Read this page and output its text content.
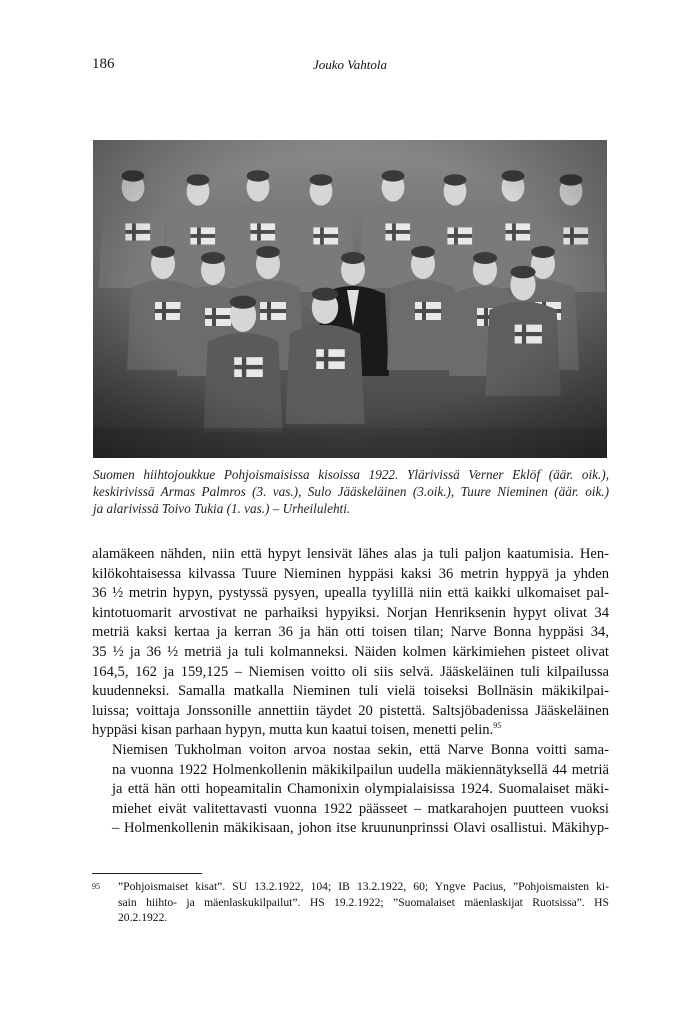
186	Jouko Vahtola
Suomen hiihtojoukkue Pohjoismaisissa kisoissa 1922. Ylärivissä Verner Eklöf (äär. oik.),
keskirivissä Armas Palmros (3. vas.), Sulo Jääskeläinen (3.oik.), Tuure Nieminen (äär. oik.)
ja alarivissä Toivo Tukia (1. vas.) – Urheilulehti.

alamäkeen nähden, niin että hypyt lensivät lähes alas ja tuli paljon kaatumisia. Hen-
kilökohtaisessa kilvassa Tuure Nieminen hyppäsi kaksi 36 metrin hyppyä ja yhden
36 ½ metrin hypyn, pystyssä pysyen, upealla tyylillä niin että kaikki ulkomaiset pal-
kintotuomarit arvostivat ne parhaiksi hypyiksi. Norjan Henriksenin hypyt olivat 34
metriä kaksi kertaa ja kerran 36 ja hän otti toisen tilan; Narve Bonna hyppäsi 34,
35 ½ ja 36 ½ metriä ja tuli kolmanneksi. Näiden kolmen kärkimiehen pisteet olivat
164,5, 162 ja 159,125 – Niemisen voitto oli siis selvä. Jääskeläinen tuli kilpailussa
kuudenneksi. Samalla matkalla Nieminen tuli vielä toiseksi Bollnäsin mäkikilpai-
luissa; voittaja Jonssonille annettiin täydet 20 pistettä. Saltsjöbadenissa Jääskeläinen
hyppäsi kisan parhaan hypyn, mutta kun kaatui toisen, menetti pelin.$^{95}$

Niemisen Tukholman voiton arvoa nostaa sekin, että Narve Bonna voitti sama-
na vuonna 1922 Holmenkollenin mäkikilpailun uudella mäkiennätyksellä 44 metriä
ja että hän otti hopeamitalin Chamonixin olympialaisissa 1924. Suomalaiset mäki-
miehet eivät valitettavasti vuonna 1922 päässeet – matkarahojen puutteen vuoksi
– Holmenkollenin mäkikisaan, johon itse kruununprinssi Olavi osallistui. Mäkihyp-

95 ”Pohjoismaiset kisat”. SU 13.2.1922, 104; IB 13.2.1922, 60; Yngve Pacius, ”Pohjoismaisten ki-
sain hiihto- ja mäenlaskukilpailut”. HS 19.2.1922; ”Suomalaiset mäenlaskijat Ruotsissa”. HS
20.2.1922.
